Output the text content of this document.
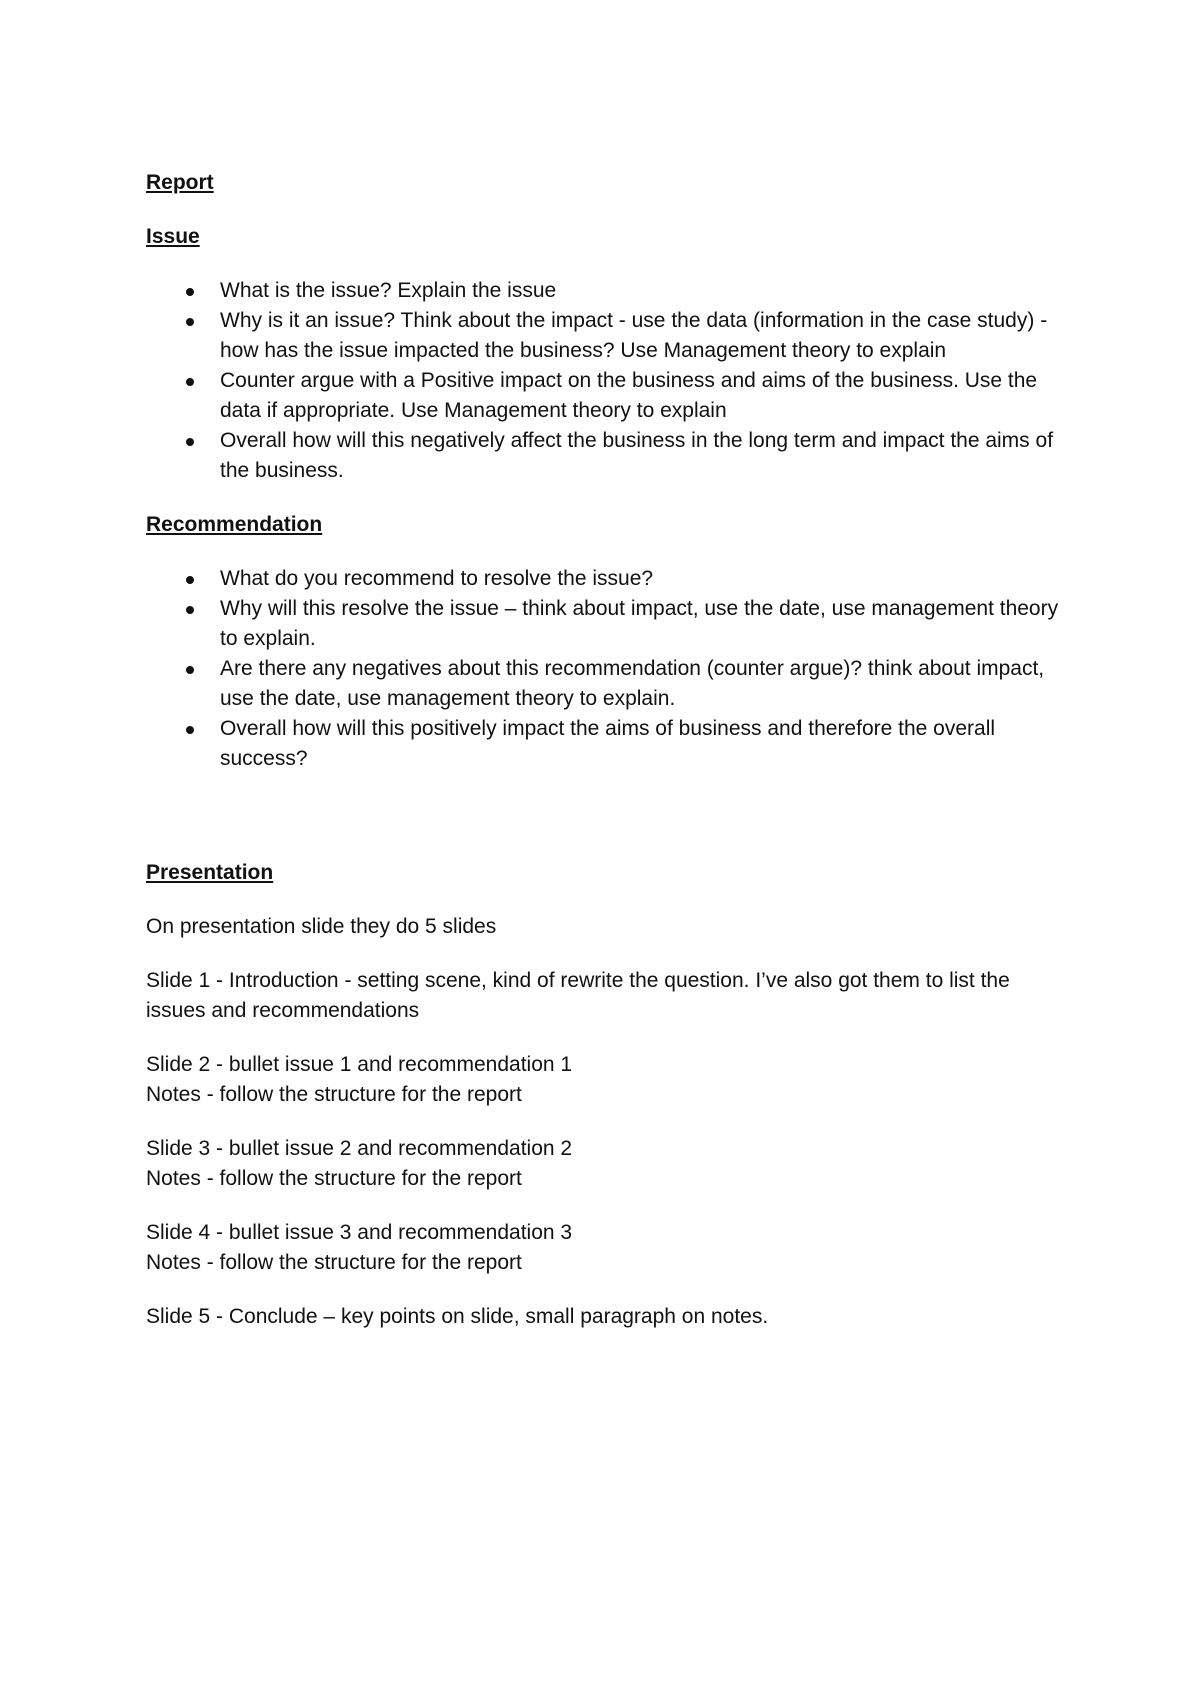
Report

Issue

What is the issue? Explain the issue
Why is it an issue? Think about the impact - use the data (information in the case study) - how has the issue impacted the business? Use Management theory to explain
Counter argue with a Positive impact on the business and aims of the business. Use the data if appropriate. Use Management theory to explain
Overall how will this negatively affect the business in the long term and impact the aims of the business.

Recommendation

What do you recommend to resolve the issue?
Why will this resolve the issue – think about impact, use the date, use management theory to explain.
Are there any negatives about this recommendation (counter argue)? think about impact, use the date, use management theory to explain.
Overall how will this positively impact the aims of business and therefore the overall success?

Presentation

On presentation slide they do 5 slides

Slide 1 - Introduction - setting scene, kind of rewrite the question. I’ve also got them to list the issues and recommendations

Slide 2 - bullet issue 1 and recommendation 1
Notes - follow the structure for the report

Slide 3 - bullet issue 2 and recommendation 2
Notes - follow the structure for the report

Slide 4 - bullet issue 3 and recommendation 3
Notes - follow the structure for the report

Slide 5 - Conclude – key points on slide, small paragraph on notes.
